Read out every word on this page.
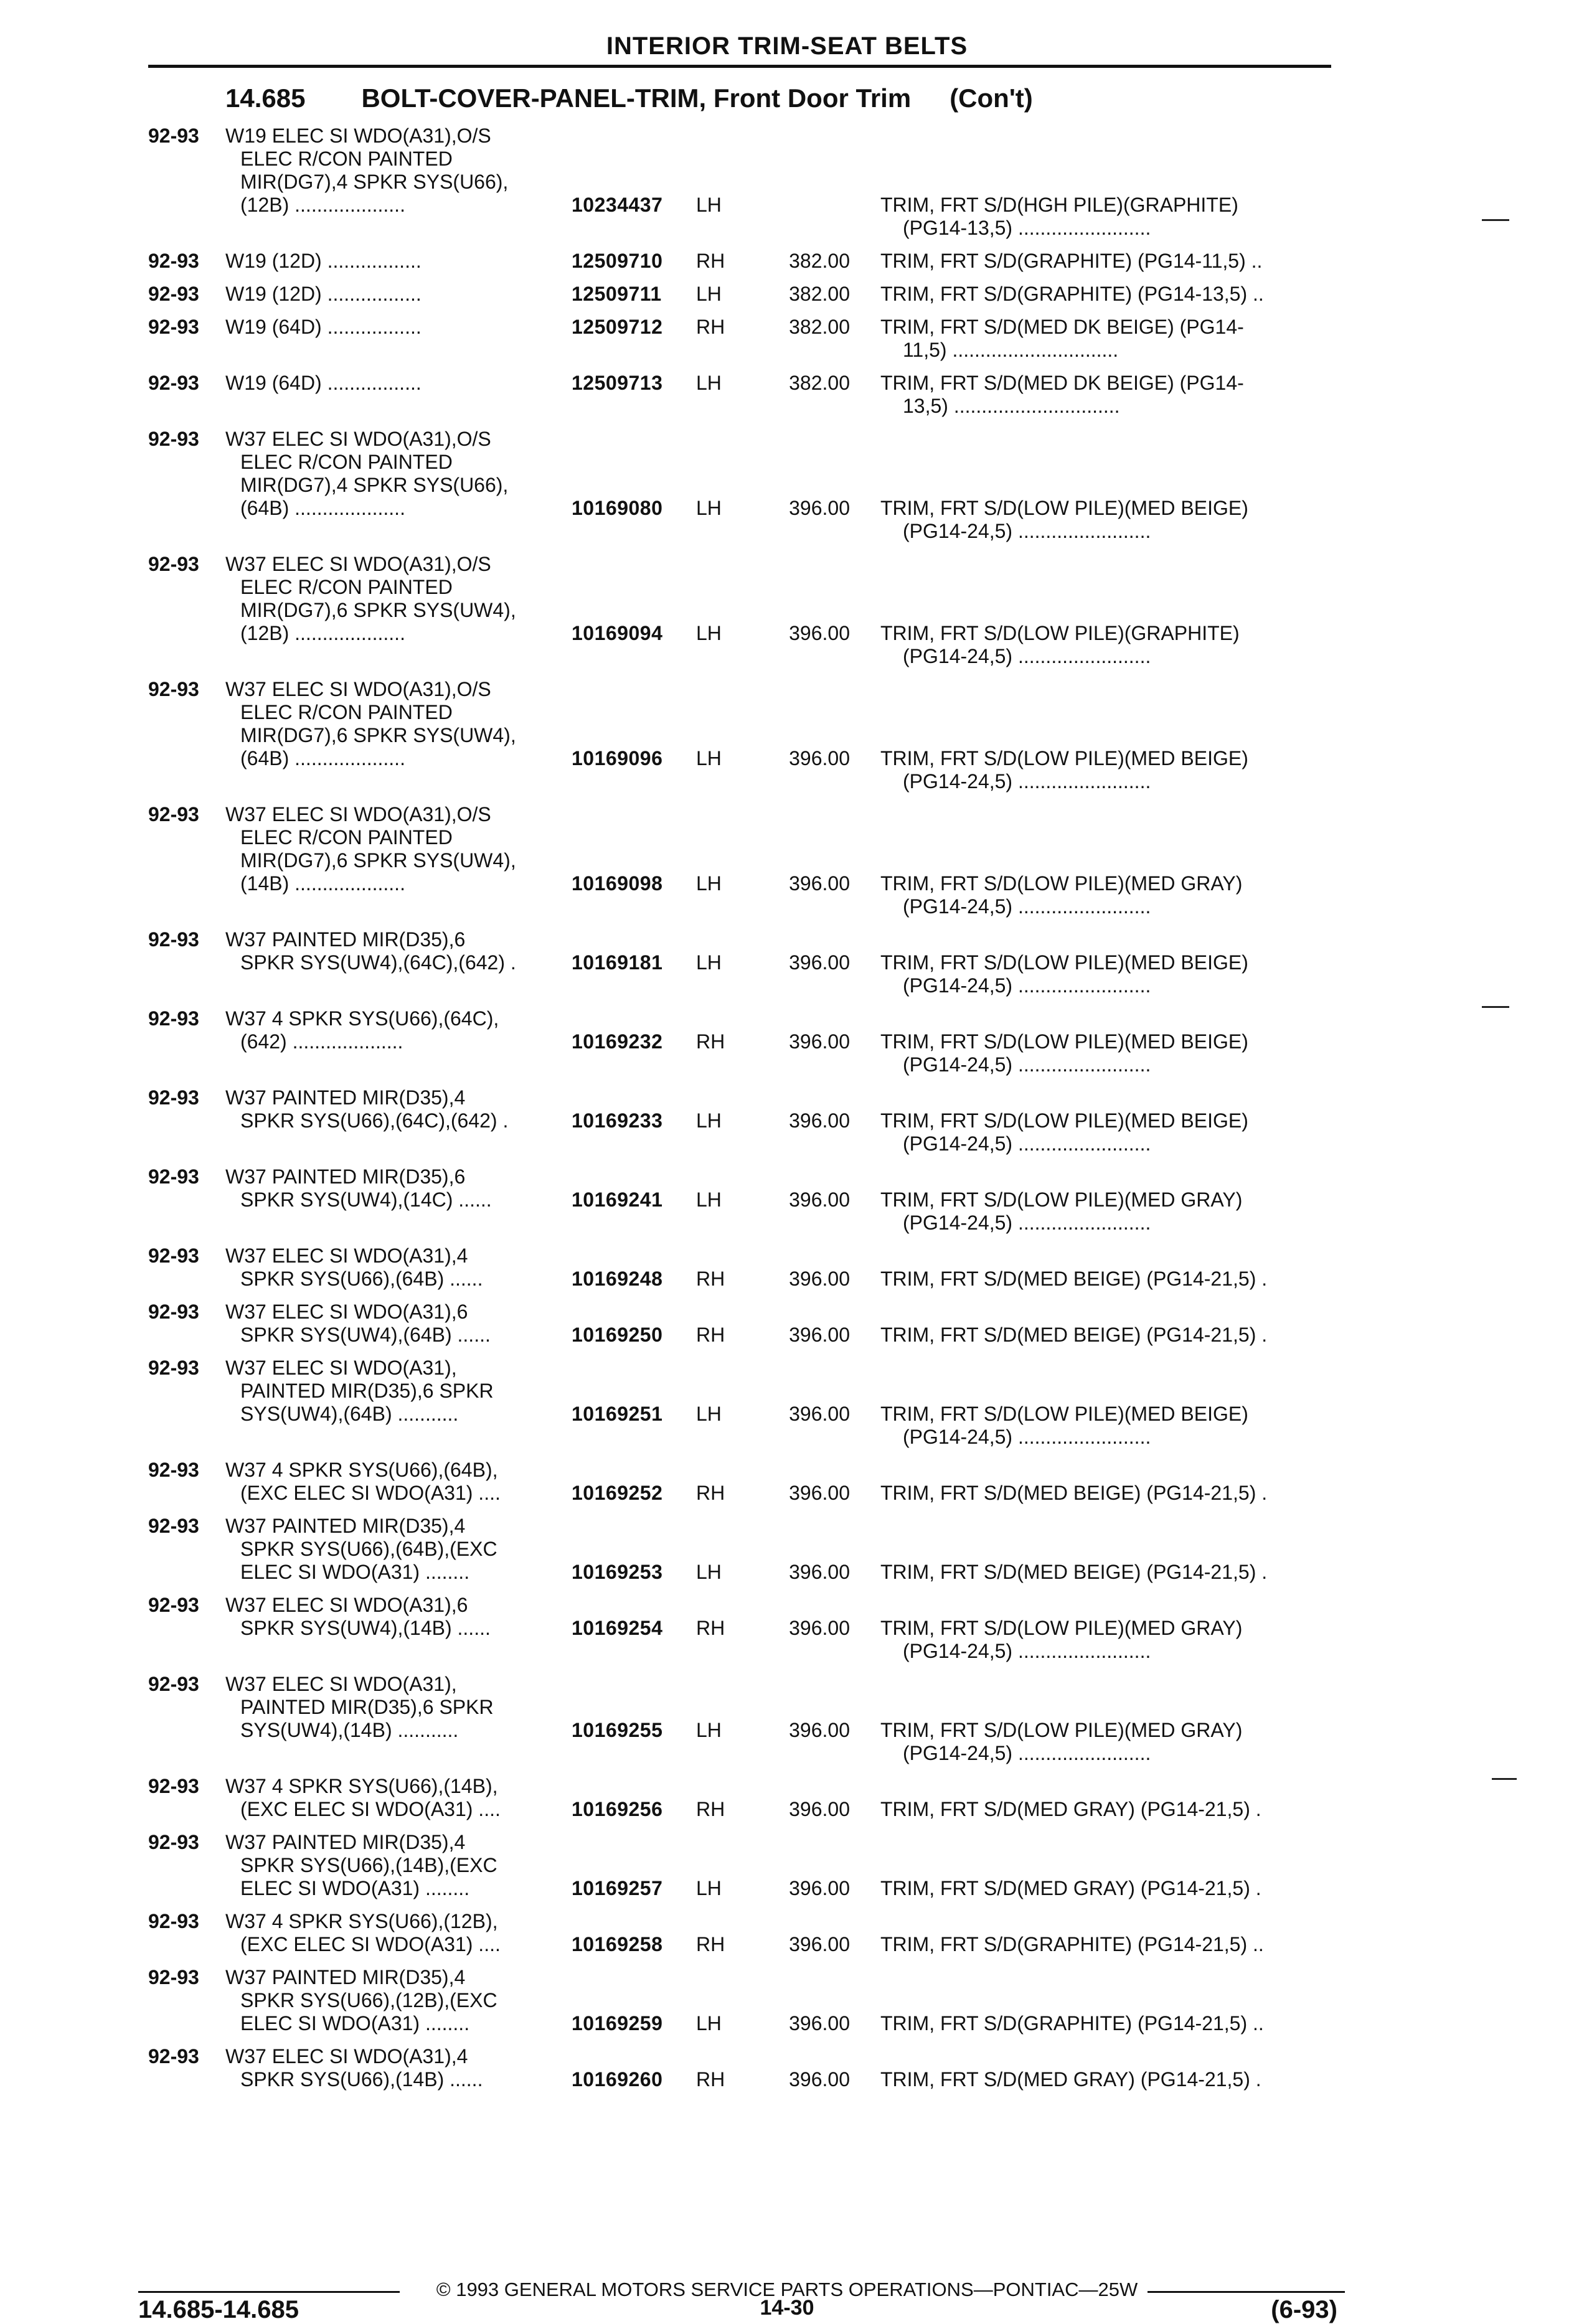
INTERIOR TRIM-SEAT BELTS
14.685 BOLT-COVER-PANEL-TRIM, Front Door Trim (Con't)
92-93 W19 ELEC SI WDO(A31),O/S
ELEC R/CON PAINTED
MIR(DG7),4 SPKR SYS(U66),
(12B) ....................	10234437 LH	TRIM, FRT S/D(HGH PILE)(GRAPHITE)
(PG14-13,5) ........................
92-93 W19 (12D) .................	12509710 RH	382.00 TRIM, FRT S/D(GRAPHITE) (PG14-11,5) ..
92-93 W19 (12D) .................	12509711 LH	382.00 TRIM, FRT S/D(GRAPHITE) (PG14-13,5) ..
92-93 W19 (64D) .................	12509712 RH	382.00 TRIM, FRT S/D(MED DK BEIGE) (PG14-
11,5) ..............................
92-93 W19 (64D) .................	12509713 LH	382.00 TRIM, FRT S/D(MED DK BEIGE) (PG14-
13,5) ..............................
92-93 W37 ELEC SI WDO(A31),O/S
ELEC R/CON PAINTED
MIR(DG7),4 SPKR SYS(U66),
(64B) ....................	10169080 LH	396.00 TRIM, FRT S/D(LOW PILE)(MED BEIGE)
(PG14-24,5) ........................
92-93 W37 ELEC SI WDO(A31),O/S
ELEC R/CON PAINTED
MIR(DG7),6 SPKR SYS(UW4),
(12B) ....................	10169094 LH	396.00 TRIM, FRT S/D(LOW PILE)(GRAPHITE)
(PG14-24,5) ........................
92-93 W37 ELEC SI WDO(A31),O/S
ELEC R/CON PAINTED
MIR(DG7),6 SPKR SYS(UW4),
(64B) ....................	10169096 LH	396.00 TRIM, FRT S/D(LOW PILE)(MED BEIGE)
(PG14-24,5) ........................
92-93 W37 ELEC SI WDO(A31),O/S
ELEC R/CON PAINTED
MIR(DG7),6 SPKR SYS(UW4),
(14B) ....................	10169098 LH	396.00 TRIM, FRT S/D(LOW PILE)(MED GRAY)
(PG14-24,5) ........................
92-93 W37 PAINTED MIR(D35),6
SPKR SYS(UW4),(64C),(642) .	10169181 LH	396.00 TRIM, FRT S/D(LOW PILE)(MED BEIGE)
(PG14-24,5) ........................
92-93 W37 4 SPKR SYS(U66),(64C),
(642) ....................	10169232 RH	396.00 TRIM, FRT S/D(LOW PILE)(MED BEIGE)
(PG14-24,5) ........................
92-93 W37 PAINTED MIR(D35),4
SPKR SYS(U66),(64C),(642) .	10169233 LH	396.00 TRIM, FRT S/D(LOW PILE)(MED BEIGE)
(PG14-24,5) ........................
92-93 W37 PAINTED MIR(D35),6
SPKR SYS(UW4),(14C) ......	10169241 LH	396.00 TRIM, FRT S/D(LOW PILE)(MED GRAY)
(PG14-24,5) ........................
92-93 W37 ELEC SI WDO(A31),4
SPKR SYS(U66),(64B) ......	10169248 RH	396.00 TRIM, FRT S/D(MED BEIGE) (PG14-21,5) .
92-93 W37 ELEC SI WDO(A31),6
SPKR SYS(UW4),(64B) ......	10169250 RH	396.00 TRIM, FRT S/D(MED BEIGE) (PG14-21,5) .
92-93 W37 ELEC SI WDO(A31),
PAINTED MIR(D35),6 SPKR
SYS(UW4),(64B) ...........	10169251 LH	396.00 TRIM, FRT S/D(LOW PILE)(MED BEIGE)
(PG14-24,5) ........................
92-93 W37 4 SPKR SYS(U66),(64B),
(EXC ELEC SI WDO(A31) ....	10169252 RH	396.00 TRIM, FRT S/D(MED BEIGE) (PG14-21,5) .
92-93 W37 PAINTED MIR(D35),4
SPKR SYS(U66),(64B),(EXC
ELEC SI WDO(A31) ........	10169253 LH	396.00 TRIM, FRT S/D(MED BEIGE) (PG14-21,5) .
92-93 W37 ELEC SI WDO(A31),6
SPKR SYS(UW4),(14B) ......	10169254 RH	396.00 TRIM, FRT S/D(LOW PILE)(MED GRAY)
(PG14-24,5) ........................
92-93 W37 ELEC SI WDO(A31),
PAINTED MIR(D35),6 SPKR
SYS(UW4),(14B) ...........	10169255 LH	396.00 TRIM, FRT S/D(LOW PILE)(MED GRAY)
(PG14-24,5) ........................
92-93 W37 4 SPKR SYS(U66),(14B),
(EXC ELEC SI WDO(A31) ....	10169256 RH	396.00 TRIM, FRT S/D(MED GRAY) (PG14-21,5) .
92-93 W37 PAINTED MIR(D35),4
SPKR SYS(U66),(14B),(EXC
ELEC SI WDO(A31) ........	10169257 LH	396.00 TRIM, FRT S/D(MED GRAY) (PG14-21,5) .
92-93 W37 4 SPKR SYS(U66),(12B),
(EXC ELEC SI WDO(A31) ....	10169258 RH	396.00 TRIM, FRT S/D(GRAPHITE) (PG14-21,5) ..
92-93 W37 PAINTED MIR(D35),4
SPKR SYS(U66),(12B),(EXC
ELEC SI WDO(A31) ........	10169259 LH	396.00 TRIM, FRT S/D(GRAPHITE) (PG14-21,5) ..
92-93 W37 ELEC SI WDO(A31),4
SPKR SYS(U66),(14B) ......	10169260 RH	396.00 TRIM, FRT S/D(MED GRAY) (PG14-21,5) .
© 1993 GENERAL MOTORS SERVICE PARTS OPERATIONS—PONTIAC—25W
14.685-14.685	14-30	(6-93)
